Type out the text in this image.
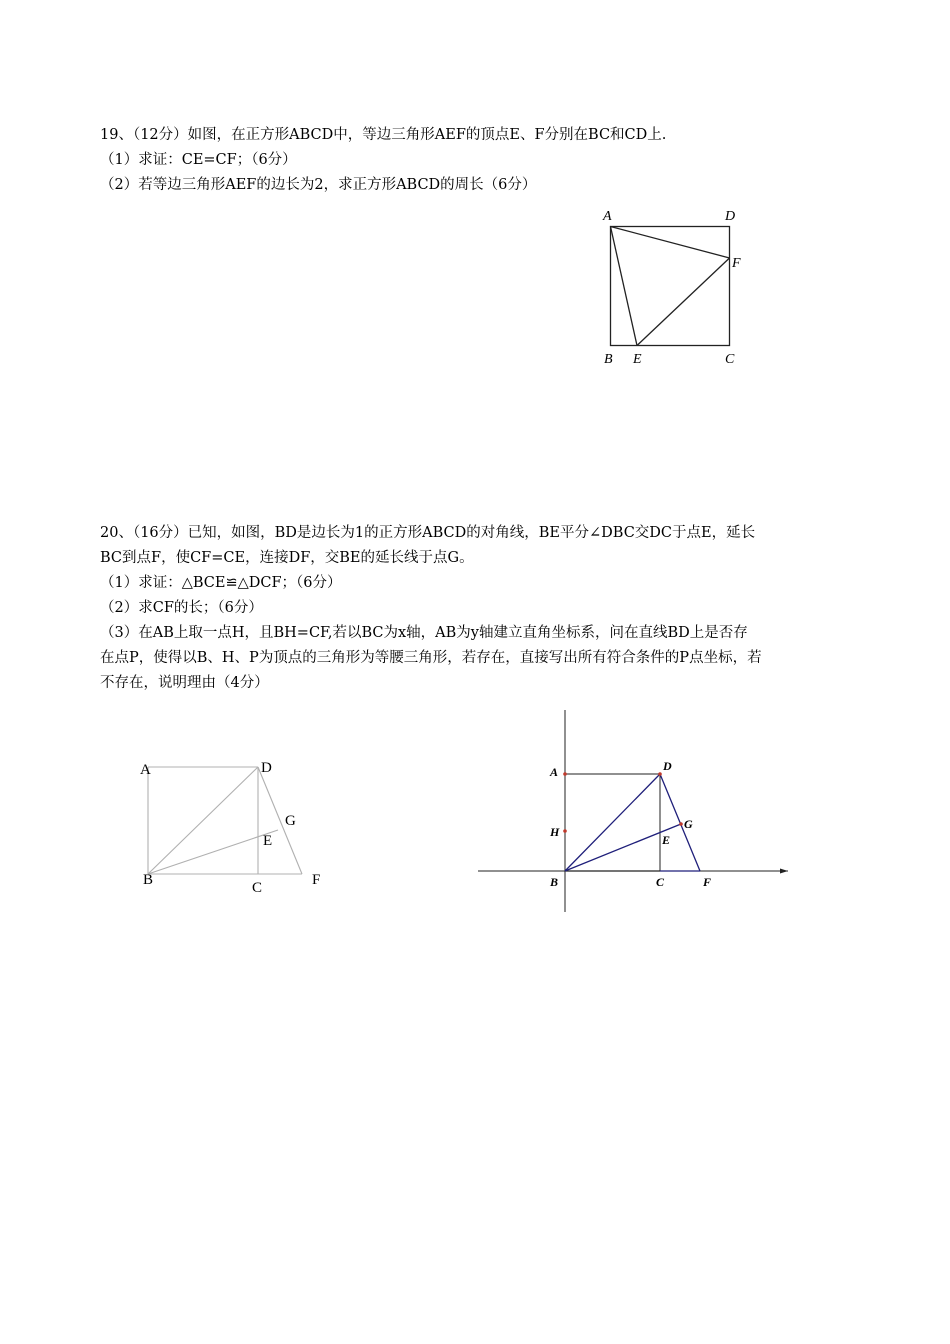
19、（12分）如图，在正方形ABCD中，等边三角形AEF的顶点E、F分别在BC和CD上.
（1）求证：CE=CF；（6分）
（2）若等边三角形AEF的边长为2，求正方形ABCD的周长（6分）
A	D
F
B E	C
20、（16分）已知，如图，BD是边长为1的正方形ABCD的对角线，BE平分∠DBC交DC于点E，延长
BC到点F，使CF=CE，连接DF，交BE的延长线于点G。
（1）求证：△BCE≌△DCF；（6分）
（2）求CF的长；（6分）
（3）在AB上取一点H，且BH=CF,若以BC为x轴，AB为y轴建立直角坐标系，问在直线BD上是否存
在点P，使得以B、H、P为顶点的三角形为等腰三角形，若存在，直接写出所有符合条件的P点坐标，若
不存在，说明理由（4分）
A	D
G
E
B	C	F
A	D
H
G
E
B	C	F
